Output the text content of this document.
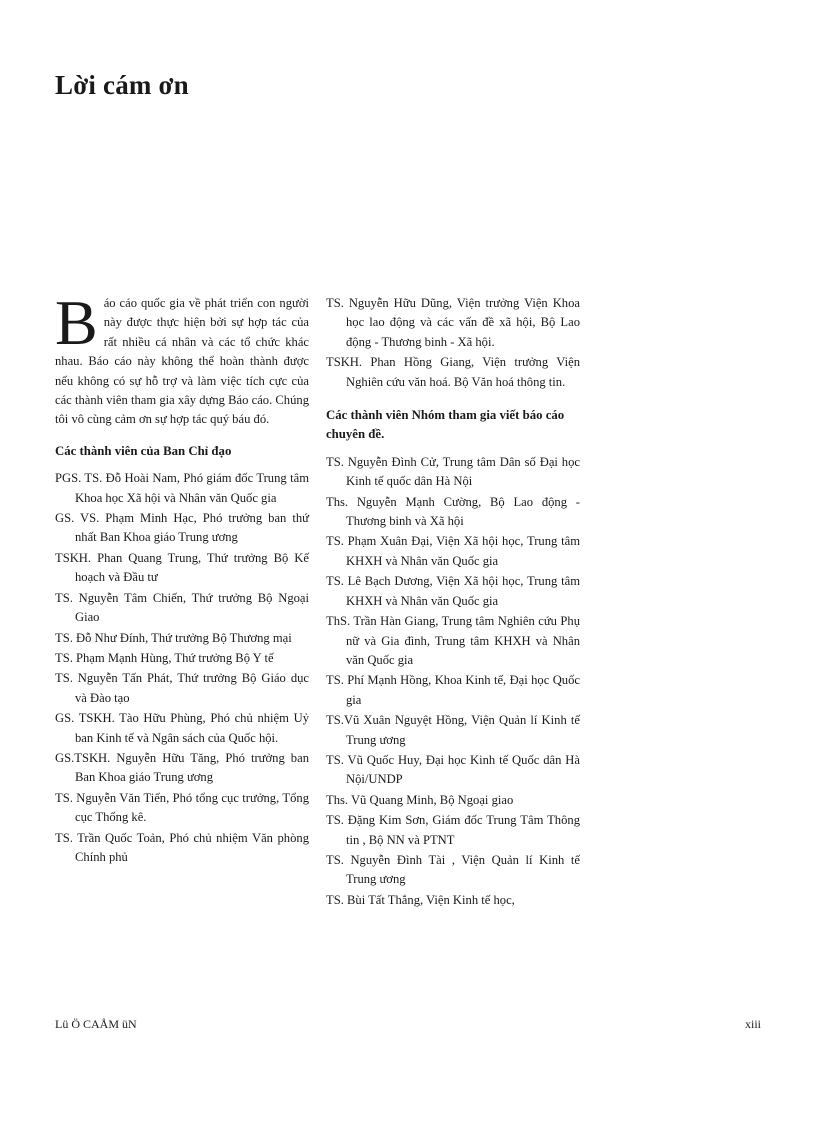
Lời cám ơn

Báo cáo quốc gia về phát triển con người này được thực hiện bởi sự hợp tác của rất nhiều cá nhân và các tổ chức khác nhau. Báo cáo này không thể hoàn thành được nếu không có sự hỗ trợ và làm việc tích cực của các thành viên tham gia xây dựng Báo cáo. Chúng tôi vô cùng cảm ơn sự hợp tác quý báu đó.

Các thành viên của Ban Chỉ đạo
PGS. TS. Đỗ Hoài Nam, Phó giám đốc Trung tâm Khoa học Xã hội và Nhân văn Quốc gia
GS. VS. Phạm Minh Hạc, Phó trưởng ban thứ nhất Ban Khoa giáo Trung ương
TSKH. Phan Quang Trung, Thứ trưởng Bộ Kế hoạch và Đầu tư
TS. Nguyễn Tâm Chiến, Thứ trưởng Bộ Ngoại Giao
TS. Đỗ Như Đính, Thứ trưởng Bộ Thương mại
TS. Phạm Mạnh Hùng, Thứ trưởng Bộ Y tế
TS. Nguyễn Tấn Phát, Thứ trưởng Bộ Giáo dục và Đào tạo
GS. TSKH. Tào Hữu Phùng, Phó chủ nhiệm Uỷ ban Kinh tế và Ngân sách của Quốc hội.
GS.TSKH. Nguyễn Hữu Tăng, Phó trưởng ban Ban Khoa giáo Trung ương
TS. Nguyễn Văn Tiến, Phó tổng cục trưởng, Tổng cục Thống kê.
TS. Trần Quốc Toản, Phó chủ nhiệm Văn phòng Chính phủ
TS. Nguyễn Hữu Dũng, Viện trưởng Viện Khoa học lao động và các vấn đề xã hội, Bộ Lao động - Thương binh - Xã hội.
TSKH. Phan Hồng Giang, Viện trưởng Viện Nghiên cứu văn hoá. Bộ Văn hoá thông tin.
Các thành viên Nhóm tham gia viết báo cáo chuyên đề.
TS. Nguyễn Đình Cử, Trung tâm Dân số Đại học Kinh tế quốc dân Hà Nội
Ths. Nguyễn Mạnh Cường, Bộ Lao động - Thương binh và Xã hội
TS. Phạm Xuân Đại, Viện Xã hội học, Trung tâm KHXH và Nhân văn Quốc gia
TS. Lê Bạch Dương, Viện Xã hội học, Trung tâm KHXH và Nhân văn Quốc gia
ThS. Trần Hàn Giang, Trung tâm Nghiên cứu Phụ nữ và Gia đình, Trung tâm KHXH và Nhân văn Quốc gia
TS. Phí Mạnh Hồng, Khoa Kinh tế, Đại học Quốc gia
TS.Vũ Xuân Nguyệt Hồng, Viện Quản lí Kinh tế Trung ương
TS. Vũ Quốc Huy, Đại học Kinh tế Quốc dân Hà Nội/UNDP
Ths. Vũ Quang Minh, Bộ Ngoại giao
TS. Đặng Kim Sơn, Giám đốc Trung Tâm Thông tin , Bộ NN và PTNT
TS. Nguyễn Đình Tài , Viện Quản lí Kinh tế Trung ương
TS. Bùi Tất Thắng, Viện Kinh tế học,
Lü Ö CAÅM üN	xiii
